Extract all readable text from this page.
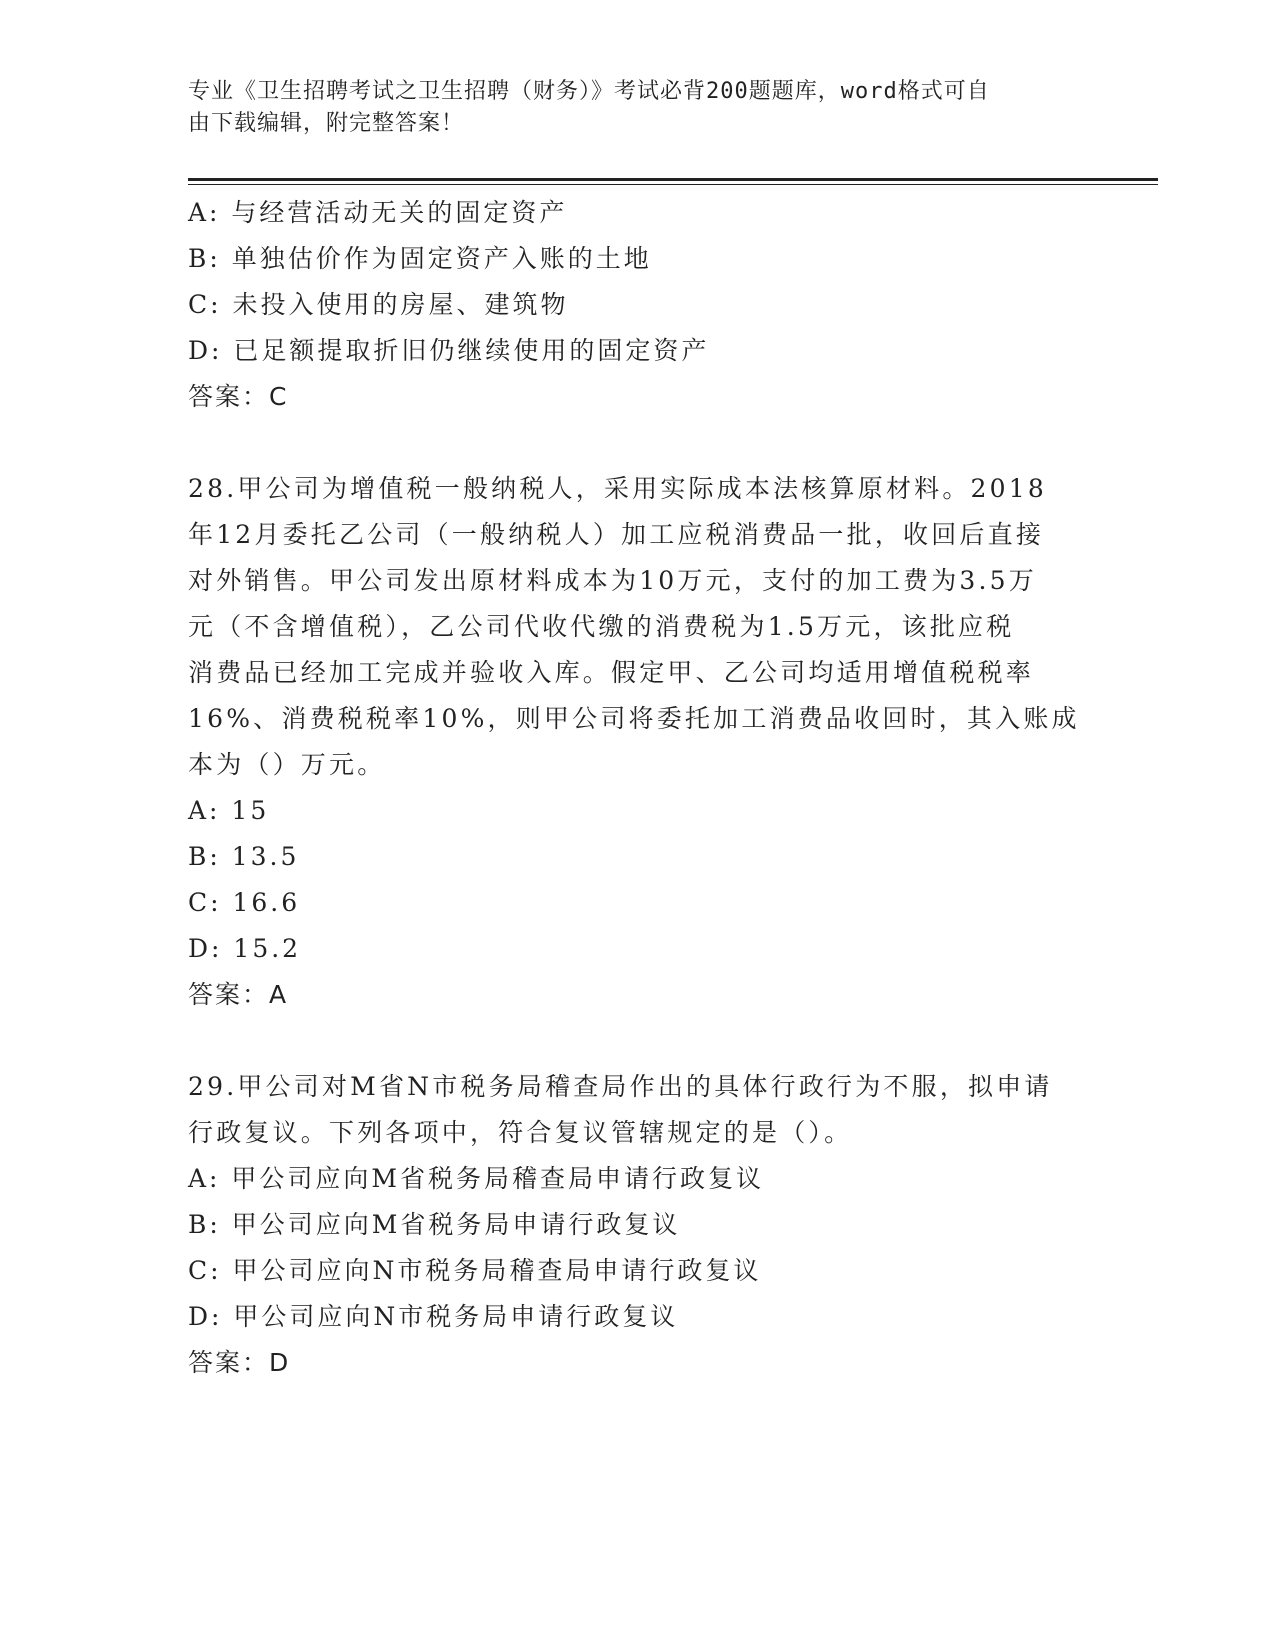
专业《卫生招聘考试之卫生招聘（财务）》考试必背200题题库，word格式可自
由下载编辑，附完整答案！
A: 与经营活动无关的固定资产
B: 单独估价作为固定资产入账的土地
C: 未投入使用的房屋、建筑物
D: 已足额提取折旧仍继续使用的固定资产
答案：C
28.甲公司为增值税一般纳税人，采用实际成本法核算原材料。2018
年12月委托乙公司（一般纳税人）加工应税消费品一批，收回后直接
对外销售。甲公司发出原材料成本为10万元，支付的加工费为3.5万
元（不含增值税），乙公司代收代缴的消费税为1.5万元，该批应税
消费品已经加工完成并验收入库。假定甲、乙公司均适用增值税税率
16%、消费税税率10%，则甲公司将委托加工消费品收回时，其入账成
本为（）万元。
A: 15
B: 13.5
C: 16.6
D: 15.2
答案：A
29.甲公司对M省N市税务局稽查局作出的具体行政行为不服，拟申请
行政复议。下列各项中，符合复议管辖规定的是（）。
A: 甲公司应向M省税务局稽查局申请行政复议
B: 甲公司应向M省税务局申请行政复议
C: 甲公司应向N市税务局稽查局申请行政复议
D: 甲公司应向N市税务局申请行政复议
答案：D
